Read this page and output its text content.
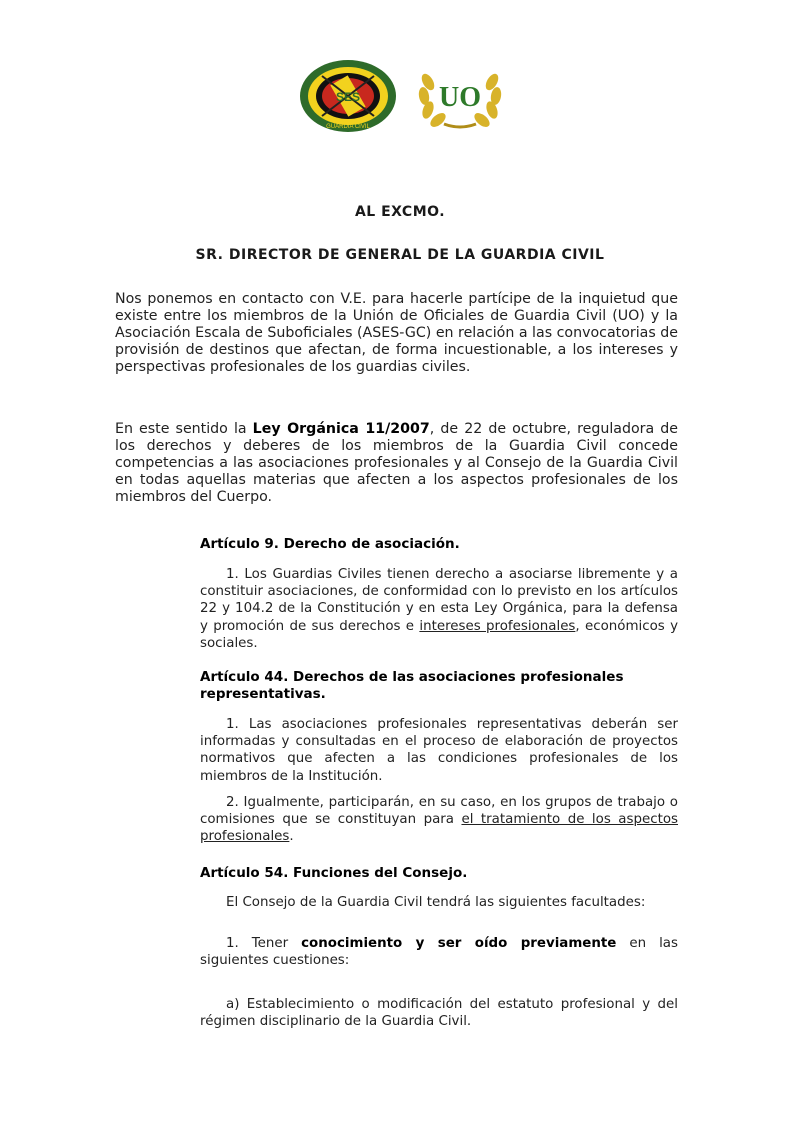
SES
GUARDIA CIVIL
UO
AL EXCMO.
SR. DIRECTOR DE GENERAL DE LA GUARDIA CIVIL
Nos ponemos en contacto con V.E. para hacerle partícipe de la inquietud que existe entre los miembros de la Unión de Oficiales de Guardia Civil (UO) y la Asociación Escala de Suboficiales (ASES-GC) en relación a las convocatorias de provisión de destinos que afectan, de forma incuestionable, a los intereses y perspectivas profesionales de los guardias civiles.
En este sentido la Ley Orgánica 11/2007, de 22 de octubre, reguladora de los derechos y deberes de los miembros de la Guardia Civil concede competencias a las asociaciones profesionales y al Consejo de la Guardia Civil en todas aquellas materias que afecten a los aspectos profesionales de los miembros del Cuerpo.
Artículo 9. Derecho de asociación.
1. Los Guardias Civiles tienen derecho a asociarse libremente y a constituir asociaciones, de conformidad con lo previsto en los artículos 22 y 104.2 de la Constitución y en esta Ley Orgánica, para la defensa y promoción de sus derechos e intereses profesionales, económicos y sociales.
Artículo 44. Derechos de las asociaciones profesionales representativas.
1. Las asociaciones profesionales representativas deberán ser informadas y consultadas en el proceso de elaboración de proyectos normativos que afecten a las condiciones profesionales de los miembros de la Institución.
2. Igualmente, participarán, en su caso, en los grupos de trabajo o comisiones que se constituyan para el tratamiento de los aspectos profesionales.
Artículo 54. Funciones del Consejo.
El Consejo de la Guardia Civil tendrá las siguientes facultades:
1. Tener conocimiento y ser oído previamente en las siguientes cuestiones:
a) Establecimiento o modificación del estatuto profesional y del régimen disciplinario de la Guardia Civil.
